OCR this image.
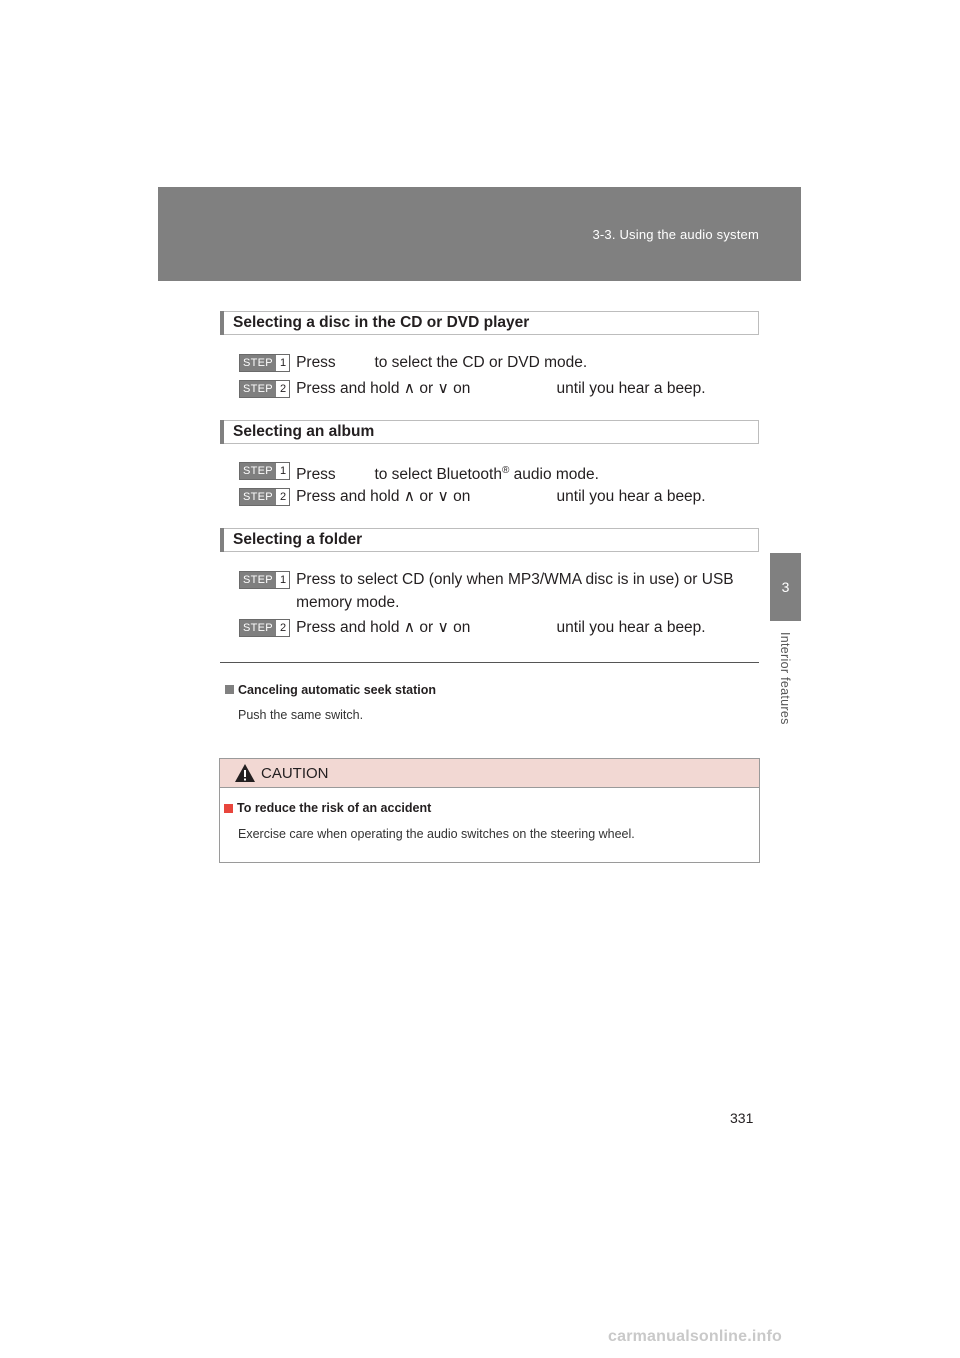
3-3. Using the audio system
3
Interior features
Selecting a disc in the CD or DVD player
STEP 1 Press         to select the CD or DVD mode.
STEP 2 Press and hold ∧ or ∨ on                    until you hear a beep.
Selecting an album
STEP 1 Press         to select Bluetooth® audio mode.
STEP 2 Press and hold ∧ or ∨ on                    until you hear a beep.
Selecting a folder
STEP 1 Press to select CD (only when MP3/WMA disc is in use) or USB memory mode.
STEP 2 Press and hold ∧ or ∨ on                    until you hear a beep.
Canceling automatic seek station
Push the same switch.
CAUTION
To reduce the risk of an accident
Exercise care when operating the audio switches on the steering wheel.
331
carmanualsonline.info
